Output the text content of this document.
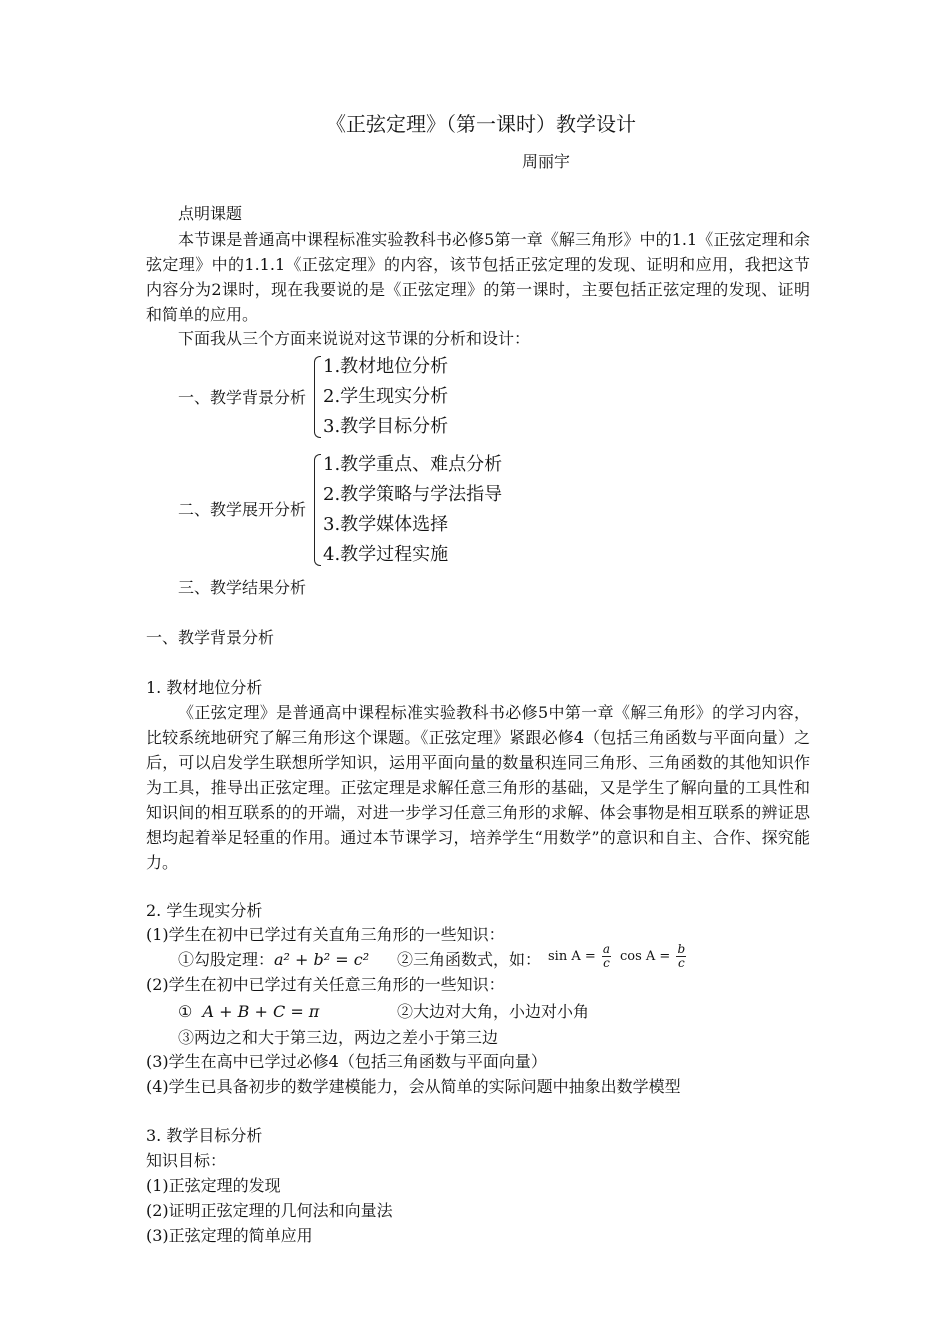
《正弦定理》（第一课时）教学设计
周丽宇
点明课题
本节课是普通高中课程标准实验教科书必修5第一章《解三角形》中的1.1《正弦定理和余弦定理》中的1.1.1《正弦定理》的内容，该节包括正弦定理的发现、证明和应用，我把这节内容分为2课时，现在我要说的是《正弦定理》的第一课时，主要包括正弦定理的发现、证明和简单的应用。
下面我从三个方面来说说对这节课的分析和设计：
一、教学背景分析
1.教材地位分析
2.学生现实分析
3.教学目标分析
二、教学展开分析
1.教学重点、难点分析
2.教学策略与学法指导
3.教学媒体选择
4.教学过程实施
三、教学结果分析
一、教学背景分析
1. 教材地位分析
《正弦定理》是普通高中课程标准实验教科书必修5中第一章《解三角形》的学习内容，比较系统地研究了解三角形这个课题。《正弦定理》紧跟必修4（包括三角函数与平面向量）之后，可以启发学生联想所学知识，运用平面向量的数量积连同三角形、三角函数的其他知识作为工具，推导出正弦定理。正弦定理是求解任意三角形的基础，又是学生了解向量的工具性和知识间的相互联系的的开端，对进一步学习任意三角形的求解、体会事物是相互联系的辨证思想均起着举足轻重的作用。通过本节课学习，培养学生“用数学”的意识和自主、合作、探究能力。
2. 学生现实分析
(1)学生在初中已学过有关直角三角形的一些知识：
①勾股定理：a² + b² = c² ②三角函数式，如： $\sin A = \frac{a}{c}$ $\cos A = \frac{b}{c}$
(2)学生在初中已学过有关任意三角形的一些知识：
① A + B + C = π	②大边对大角，小边对小角
③两边之和大于第三边，两边之差小于第三边
(3)学生在高中已学过必修4（包括三角函数与平面向量）
(4)学生已具备初步的数学建模能力，会从简单的实际问题中抽象出数学模型
3. 教学目标分析
知识目标：
(1)正弦定理的发现
(2)证明正弦定理的几何法和向量法
(3)正弦定理的简单应用
